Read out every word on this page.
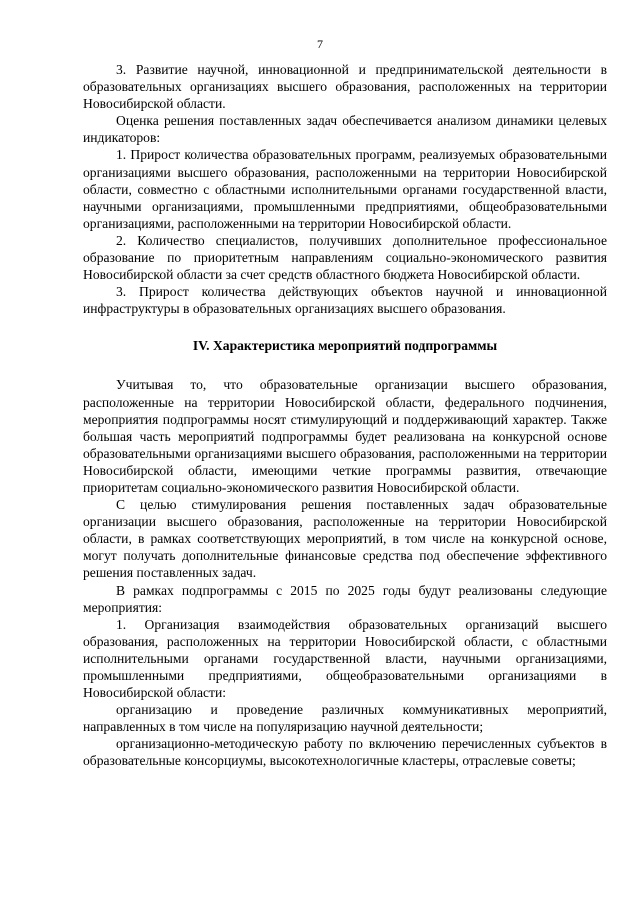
7

3. Развитие научной, инновационной и предпринимательской деятельности в образовательных организациях высшего образования, расположенных на территории Новосибирской области.

Оценка решения поставленных задач обеспечивается анализом динамики целевых индикаторов:

1. Прирост количества образовательных программ, реализуемых образовательными организациями высшего образования, расположенными на территории Новосибирской области, совместно с областными исполнительными органами государственной власти, научными организациями, промышленными предприятиями, общеобразовательными организациями, расположенными на территории Новосибирской области.

2. Количество специалистов, получивших дополнительное профессиональное образование по приоритетным направлениям социально-экономического развития Новосибирской области за счет средств областного бюджета Новосибирской области.

3. Прирост количества действующих объектов научной и инновационной инфраструктуры в образовательных организациях высшего образования.

IV. Характеристика мероприятий подпрограммы

Учитывая то, что образовательные организации высшего образования, расположенные на территории Новосибирской области, федерального подчинения, мероприятия подпрограммы носят стимулирующий и поддерживающий характер. Также большая часть мероприятий подпрограммы будет реализована на конкурсной основе образовательными организациями высшего образования, расположенными на территории Новосибирской области, имеющими четкие программы развития, отвечающие приоритетам социально-экономического развития Новосибирской области.

С целью стимулирования решения поставленных задач образовательные организации высшего образования, расположенные на территории Новосибирской области, в рамках соответствующих мероприятий, в том числе на конкурсной основе, могут получать дополнительные финансовые средства под обеспечение эффективного решения поставленных задач.

В рамках подпрограммы с 2015 по 2025 годы будут реализованы следующие мероприятия:

1. Организация взаимодействия образовательных организаций высшего образования, расположенных на территории Новосибирской области, с областными исполнительными органами государственной власти, научными организациями, промышленными предприятиями, общеобразовательными организациями в Новосибирской области:

организацию и проведение различных коммуникативных мероприятий, направленных в том числе на популяризацию научной деятельности;

организационно-методическую работу по включению перечисленных субъектов в образовательные консорциумы, высокотехнологичные кластеры, отраслевые советы;
